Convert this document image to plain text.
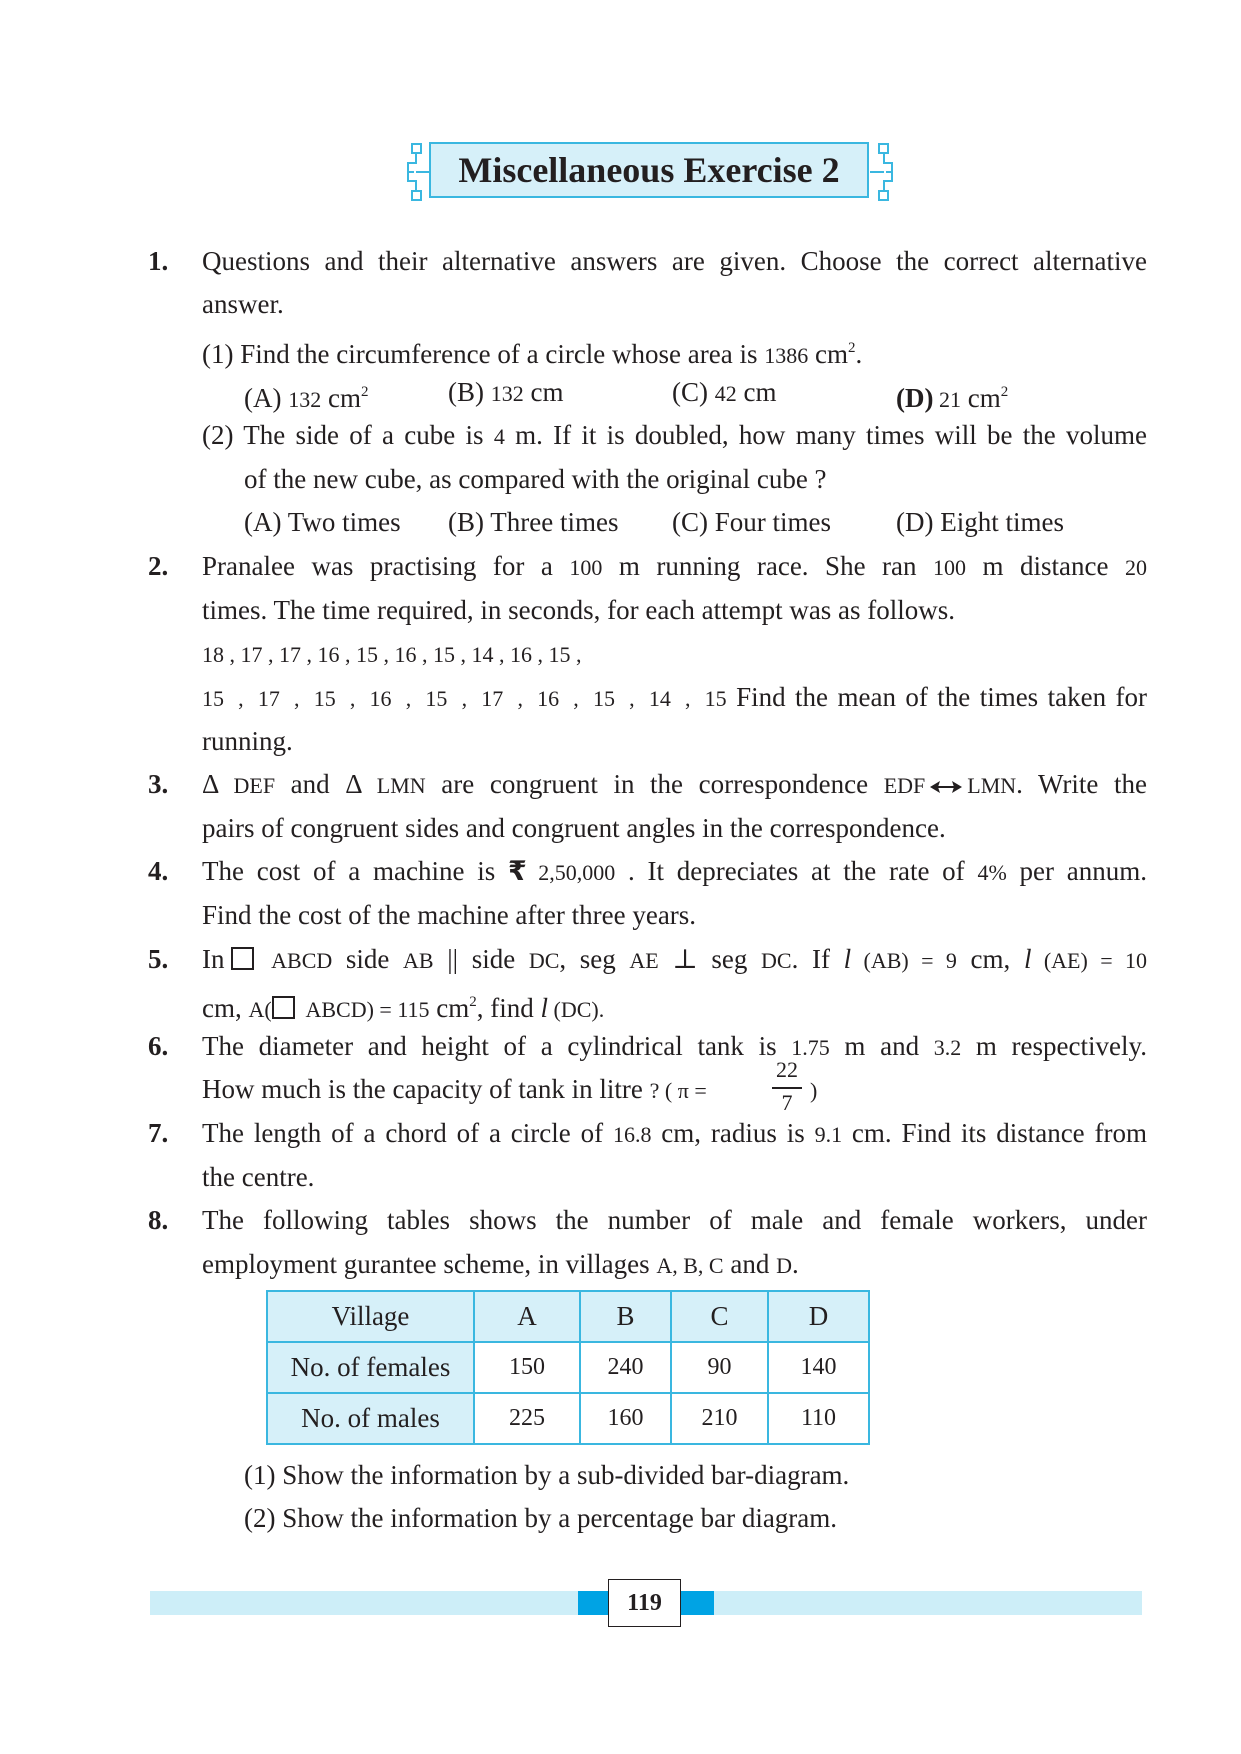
Miscellaneous Exercise 2
1. Questions and their alternative answers are given. Choose the correct alternative
answer.
(1) Find the circumference of a circle whose area is 1386 $cm^2$.
(A) 132 $cm^2$	(B) 132 cm	(C) 42 cm	(D) 21 $cm^2$
(2) The side of a cube is 4 m. If it is doubled, how many times will be the volume
of the new cube, as compared with the original cube ?
(A) Two times (B) Three times (C) Four times (D) Eight times
2. Pranalee was practising for a 100 m running race. She ran 100 m distance 20
times. The time required, in seconds, for each attempt was as follows.
18 , 17 , 17 , 16 , 15 , 16 , 15 , 14 , 16 , 15 ,
15 , 17 , 15 , 16 , 15 , 17 , 16 , 15 , 14 , 15 Find the mean of the times taken for
running.
3. Δ DEF and Δ LMN are congruent in the correspondence EDF LMN. Write the
pairs of congruent sides and congruent angles in the correspondence.
4. The cost of a machine is ₹ 2,50,000 . It depreciates at the rate of 4% per annum.
Find the cost of the machine after three years.
5. In ABCD side AB || side DC, seg AE ⊥ seg DC. If l (AB) = 9 cm, l (AE) = 10
cm, A( ABCD) = 115 $cm^2$, find l (DC).
6. The diameter and height of a cylindrical tank is 1.75 m and 3.2 m respectively.
How much is the capacity of tank in litre ? ( π =
22
7 )
7. The length of a chord of a circle of 16.8 cm, radius is 9.1 cm. Find its distance from
the centre.
8. The following tables shows the number of male and female workers, under
employment gurantee scheme, in villages A, B, C and D.
Village	A	B	C	D
No. of females	150	240	90	140
No. of males	225	160	210	110
(1) Show the information by a sub-divided bar-diagram.
(2) Show the information by a percentage bar diagram.
119
